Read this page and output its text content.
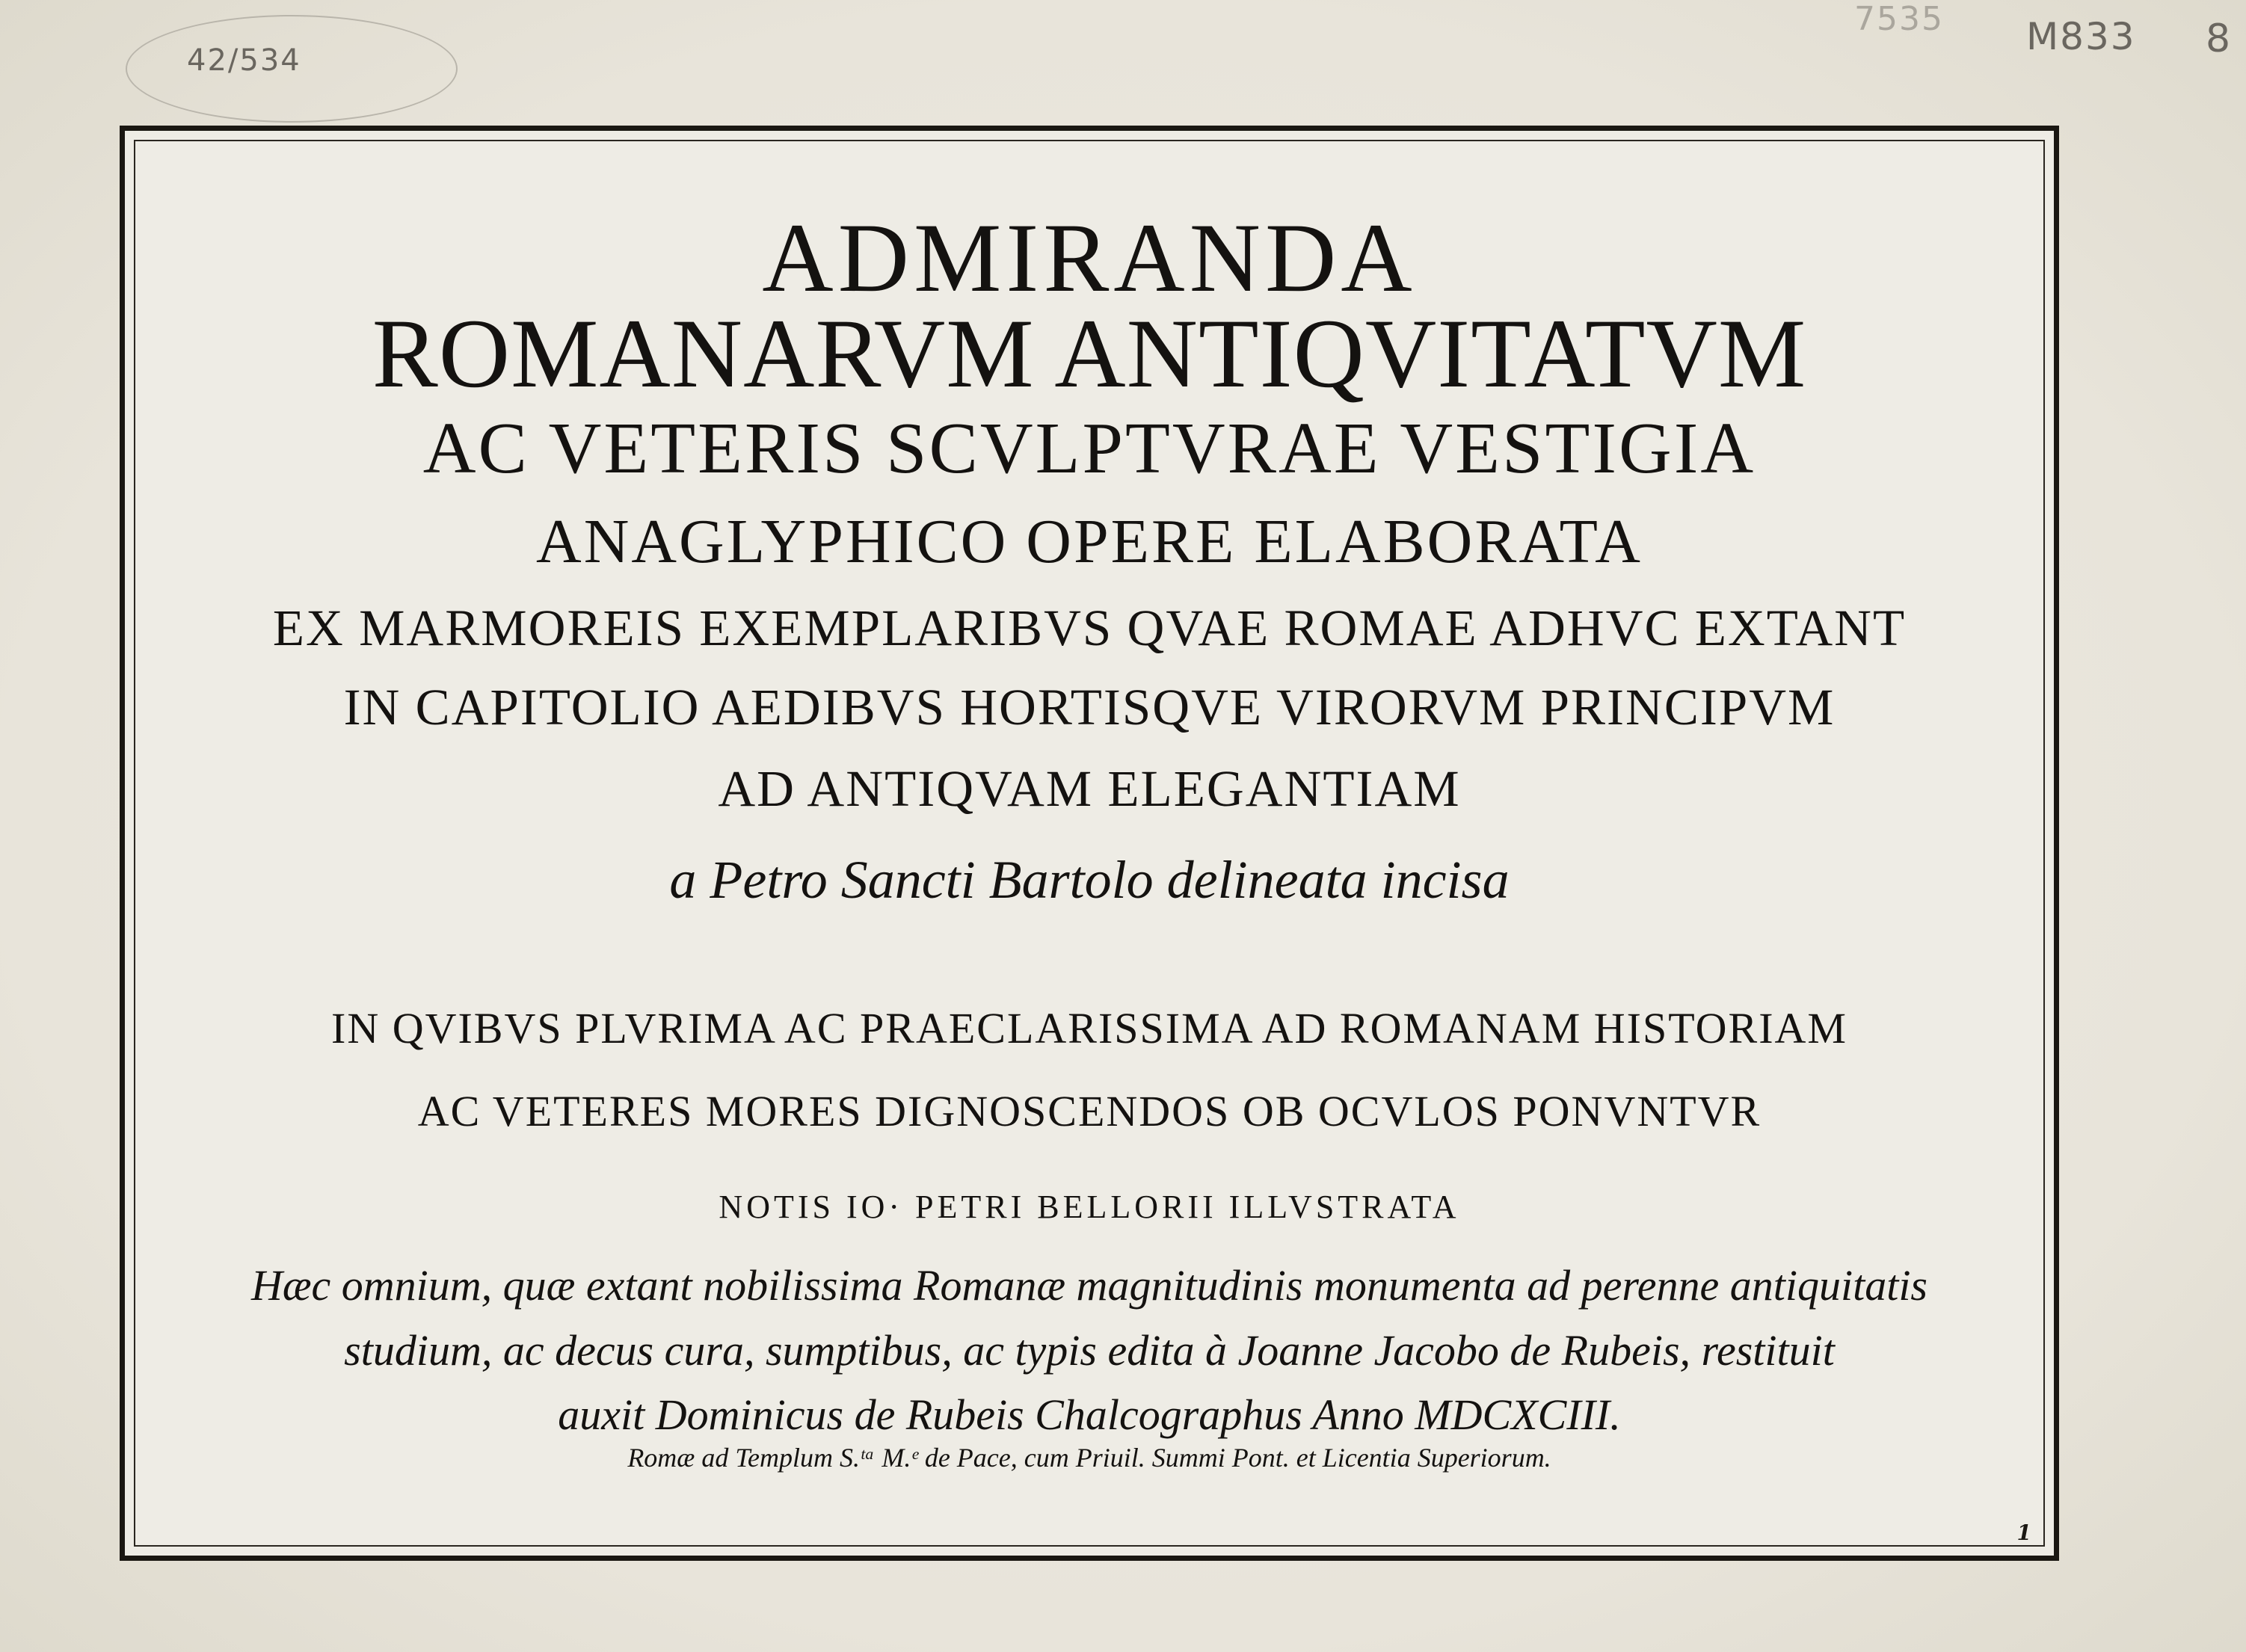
42/534
7535 M833 8
ADMIRANDA
ROMANARVM ANTIQVITATVM
AC VETERIS SCVLPTVRAE VESTIGIA
ANAGLYPHICO OPERE ELABORATA
EX MARMOREIS EXEMPLARIBVS QVAE ROMAE ADHVC EXTANT
IN CAPITOLIO AEDIBVS HORTISQVE VIRORVM PRINCIPVM
AD ANTIQVAM ELEGANTIAM
a Petro Sancti Bartolo delineata incisa
IN QVIBVS PLVRIMA AC PRAECLARISSIMA AD ROMANAM HISTORIAM
AC VETERES MORES DIGNOSCENDOS OB OCVLOS PONVNTVR
NOTIS IO· PETRI BELLORII ILLVSTRATA
Hæc omnium, quæ extant nobilissima Romanæ magnitudinis monumenta ad perenne antiquitatis
studium, ac decus cura, sumptibus, ac typis edita à Joanne Jacobo de Rubeis, restituit
auxit Dominicus de Rubeis Chalcographus Anno MDCXCIII.
Romæ ad Templum S.ᵗᵃ M.ᵉ de Pace, cum Priuil. Summi Pont. et Licentia Superiorum.
1
